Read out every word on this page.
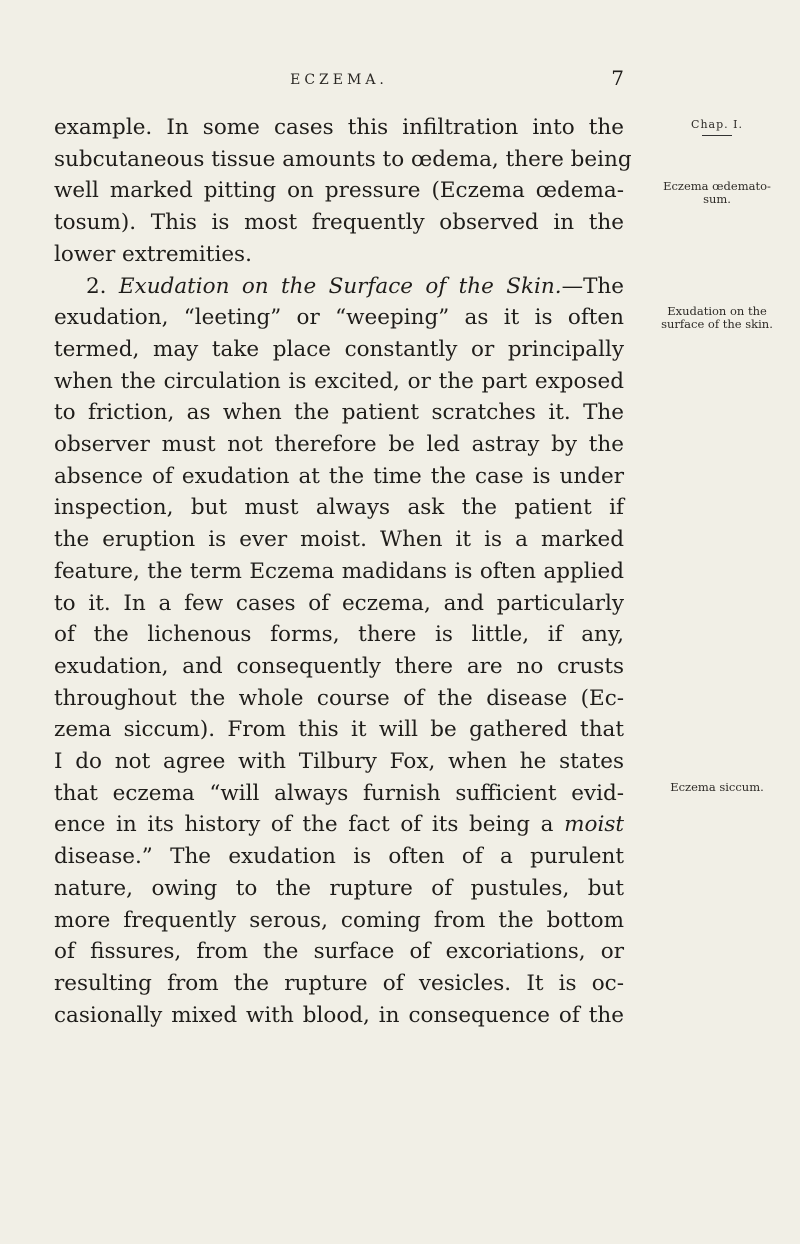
ECZEMA.	7
Chap. I.
Eczema œdemato-
sum.
Exudation on the
surface of the skin.
Eczema siccum.
example. In some cases this infiltration into the
subcutaneous tissue amounts to œdema, there being
well marked pitting on pressure (Eczema œdema-
tosum). This is most frequently observed in the
lower extremities.
2. Exudation on the Surface of the Skin.—The
exudation, “leeting” or “weeping” as it is often
termed, may take place constantly or principally
when the circulation is excited, or the part exposed
to friction, as when the patient scratches it. The
observer must not therefore be led astray by the
absence of exudation at the time the case is under
inspection, but must always ask the patient if
the eruption is ever moist. When it is a marked
feature, the term Eczema madidans is often applied
to it. In a few cases of eczema, and particularly
of the lichenous forms, there is little, if any,
exudation, and consequently there are no crusts
throughout the whole course of the disease (Ec-
zema siccum). From this it will be gathered that
I do not agree with Tilbury Fox, when he states
that eczema “will always furnish sufficient evid-
ence in its history of the fact of its being a moist
disease.” The exudation is often of a purulent
nature, owing to the rupture of pustules, but
more frequently serous, coming from the bottom
of fissures, from the surface of excoriations, or
resulting from the rupture of vesicles. It is oc-
casionally mixed with blood, in consequence of the
